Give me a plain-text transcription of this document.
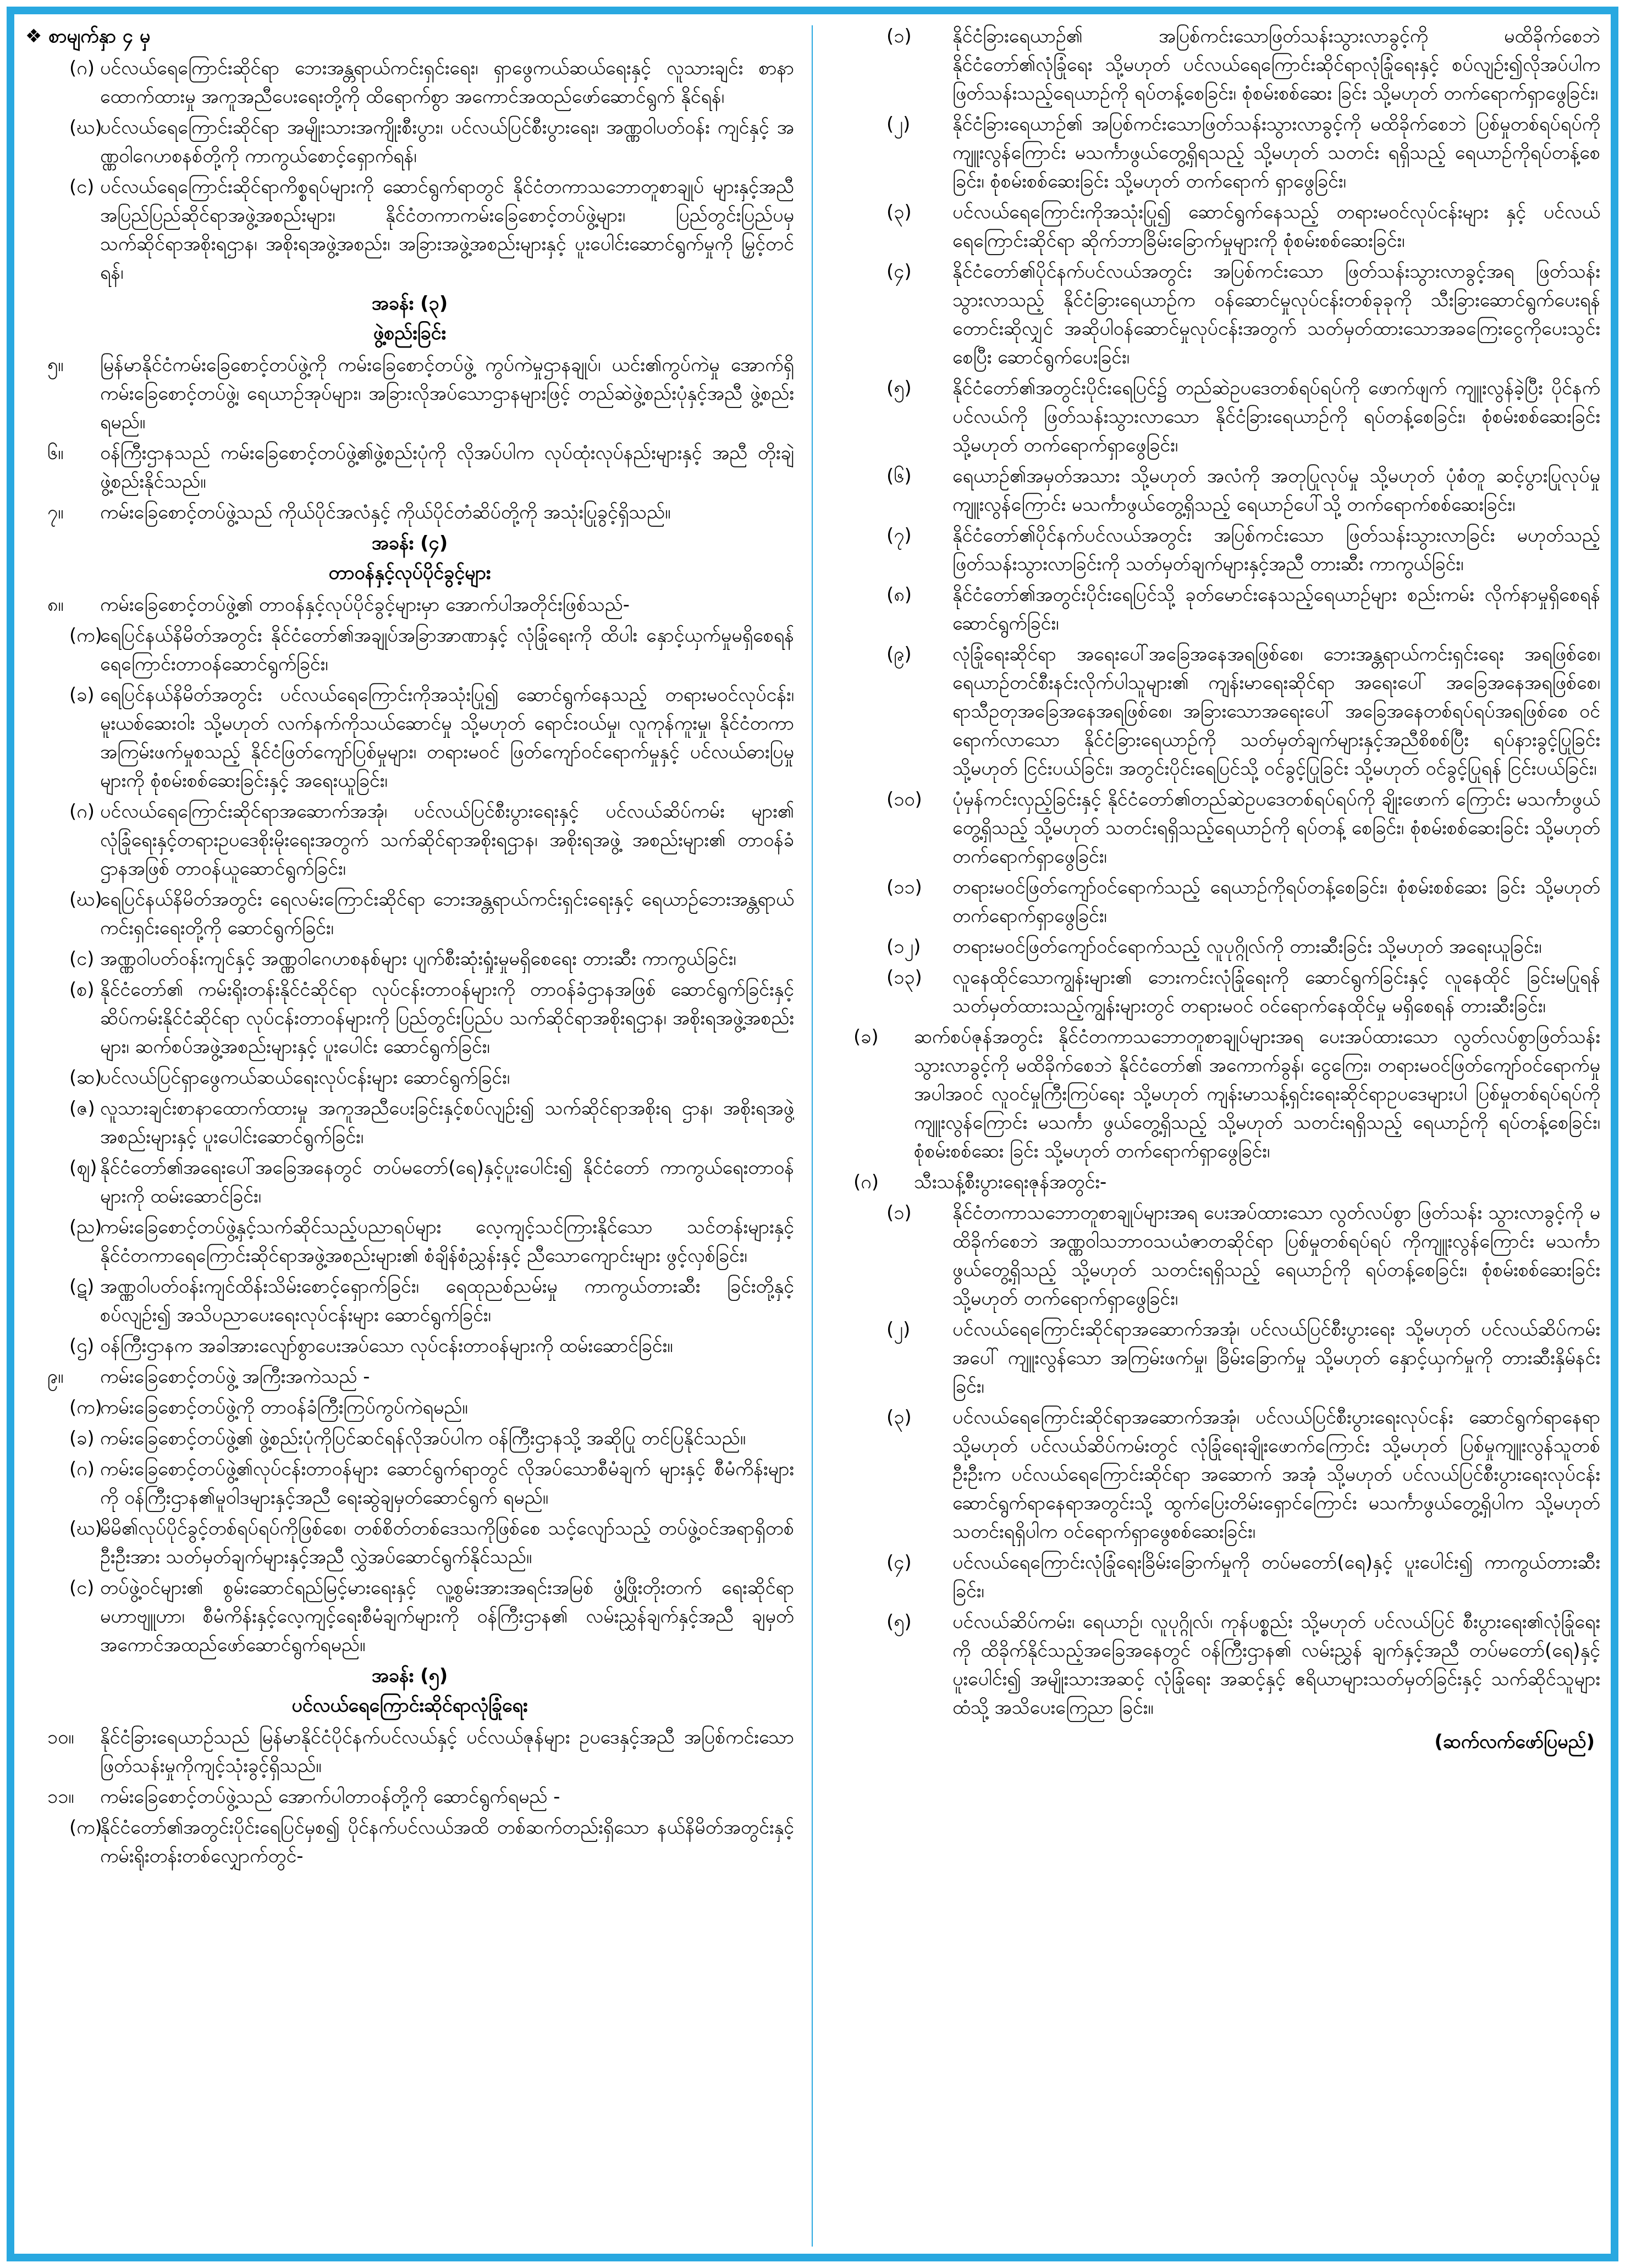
❖ စာမျက်နှာ ၄ မှ
(ဂ) ပင်လယ်ရေကြောင်းဆိုင်ရာ ဘေးအန္တရာယ်ကင်းရှင်းရေး၊ ရှာဖွေကယ်ဆယ်ရေးနှင့် လူသားချင်း စာနာထောက်ထားမှု အကူအညီပေးရေးတို့ကို ထိရောက်စွာ အကောင်အထည်ဖော်ဆောင်ရွက် နိုင်ရန်၊
(ဃ)
ပင်လယ်ရေကြောင်းဆိုင်ရာ အမျိုးသားအကျိုးစီးပွား၊ ပင်လယ်ပြင်စီးပွားရေး၊ အဏ္ဏဝါပတ်ဝန်း ကျင်နှင့် အဏ္ဏဝါဂေဟစနစ်တို့ကို ကာကွယ်စောင့်ရှောက်ရန်၊
(င) ပင်လယ်ရေကြောင်းဆိုင်ရာကိစ္စရပ်များကို ဆောင်ရွက်ရာတွင် နိုင်ငံတကာသဘောတူစာချုပ် များနှင့်အညီ အပြည်ပြည်ဆိုင်ရာအဖွဲ့အစည်းများ၊ နိုင်ငံတကာကမ်းခြေစောင့်တပ်ဖွဲ့များ၊ ပြည်တွင်းပြည်ပမှ သက်ဆိုင်ရာအစိုးရဌာန၊ အစိုးရအဖွဲ့အစည်း၊ အခြားအဖွဲ့အစည်းများနှင့် ပူးပေါင်းဆောင်ရွက်မှုကို မြှင့်တင်ရန်၊
အခန်း (၃)
ဖွဲ့စည်းခြင်း
၅။	မြန်မာနိုင်ငံကမ်းခြေစောင့်တပ်ဖွဲ့ကို ကမ်းခြေစောင့်တပ်ဖွဲ့ ကွပ်ကဲမှုဌာနချုပ်၊ ယင်း၏ကွပ်ကဲမှု အောက်ရှိ ကမ်းခြေစောင့်တပ်ဖွဲ့၊ ရေယာဉ်အုပ်များ၊ အခြားလိုအပ်သောဌာနများဖြင့် တည်ဆဲဖွဲ့စည်းပုံနှင့်အညီ ဖွဲ့စည်းရမည်။
၆။	ဝန်ကြီးဌာနသည် ကမ်းခြေစောင့်တပ်ဖွဲ့၏ဖွဲ့စည်းပုံကို လိုအပ်ပါက လုပ်ထုံးလုပ်နည်းများနှင့် အညီ တိုးချဲ့ဖွဲ့စည်းနိုင်သည်။
၇။	ကမ်းခြေစောင့်တပ်ဖွဲ့သည် ကိုယ်ပိုင်အလံနှင့် ကိုယ်ပိုင်တံဆိပ်တို့ကို အသုံးပြုခွင့်ရှိသည်။
အခန်း (၄)
တာဝန်နှင့်လုပ်ပိုင်ခွင့်များ
၈။	ကမ်းခြေစောင့်တပ်ဖွဲ့၏ တာဝန်နှင့်လုပ်ပိုင်ခွင့်များမှာ အောက်ပါအတိုင်းဖြစ်သည်-
(က)
ရေပြင်နယ်နိမိတ်အတွင်း နိုင်ငံတော်၏အချုပ်အခြာအာဏာနှင့် လုံခြုံရေးကို ထိပါး နှောင့်ယှက်မှုမရှိစေရန် ရေကြောင်းတာဝန်ဆောင်ရွက်ခြင်း၊
(ခ) ရေပြင်နယ်နိမိတ်အတွင်း ပင်လယ်ရေကြောင်းကိုအသုံးပြု၍ ဆောင်ရွက်နေသည့် တရားမဝင်လုပ်ငန်း၊ မူးယစ်ဆေးဝါး သို့မဟုတ် လက်နက်ကိုသယ်ဆောင်မှု သို့မဟုတ် ရောင်းဝယ်မှု၊ လူကုန်ကူးမှု၊ နိုင်ငံတကာအကြမ်းဖက်မှုစသည့် နိုင်ငံဖြတ်ကျော်ပြစ်မှုများ၊ တရားမဝင် ဖြတ်ကျော်ဝင်ရောက်မှုနှင့် ပင်လယ်ဓားပြမှုများကို စုံစမ်းစစ်ဆေးခြင်းနှင့် အရေးယူခြင်း၊
(ဂ) ပင်လယ်ရေကြောင်းဆိုင်ရာအဆောက်အအုံ၊ ပင်လယ်ပြင်စီးပွားရေးနှင့် ပင်လယ်ဆိပ်ကမ်း များ၏ လုံခြုံရေးနှင့်တရားဥပဒေစိုးမိုးရေးအတွက် သက်ဆိုင်ရာအစိုးရဌာန၊ အစိုးရအဖွဲ့ အစည်းများ၏ တာဝန်ခံဌာနအဖြစ် တာဝန်ယူဆောင်ရွက်ခြင်း၊
(ဃ)
ရေပြင်နယ်နိမိတ်အတွင်း ရေလမ်းကြောင်းဆိုင်ရာ ဘေးအန္တရာယ်ကင်းရှင်းရေးနှင့် ရေယာဉ်ဘေးအန္တရာယ်ကင်းရှင်းရေးတို့ကို ဆောင်ရွက်ခြင်း၊
(င) အဏ္ဏဝါပတ်ဝန်းကျင်နှင့် အဏ္ဏဝါဂေဟစနစ်များ ပျက်စီးဆုံးရှုံးမှုမရှိစေရေး တားဆီး ကာကွယ်ခြင်း၊
(စ) နိုင်ငံတော်၏ ကမ်းရိုးတန်းနိုင်ငံဆိုင်ရာ လုပ်ငန်းတာဝန်များကို တာဝန်ခံဌာနအဖြစ် ဆောင်ရွက်ခြင်းနှင့် ဆိပ်ကမ်းနိုင်ငံဆိုင်ရာ လုပ်ငန်းတာဝန်များကို ပြည်တွင်းပြည်ပ သက်ဆိုင်ရာအစိုးရဌာန၊ အစိုးရအဖွဲ့အစည်းများ၊ ဆက်စပ်အဖွဲ့အစည်းများနှင့် ပူးပေါင်း ဆောင်ရွက်ခြင်း၊
(ဆ)
ပင်လယ်ပြင်ရှာဖွေကယ်ဆယ်ရေးလုပ်ငန်းများ ဆောင်ရွက်ခြင်း၊
(ဇ) လူသားချင်းစာနာထောက်ထားမှု အကူအညီပေးခြင်းနှင့်စပ်လျဉ်း၍ သက်ဆိုင်ရာအစိုးရ ဌာန၊ အစိုးရအဖွဲ့အစည်းများနှင့် ပူးပေါင်းဆောင်ရွက်ခြင်း၊
(ဈ) နိုင်ငံတော်၏အရေးပေါ်အခြေအနေတွင် တပ်မတော်(ရေ)နှင့်ပူးပေါင်း၍ နိုင်ငံတော် ကာကွယ်ရေးတာဝန်များကို ထမ်းဆောင်ခြင်း၊
(ည)
ကမ်းခြေစောင့်တပ်ဖွဲ့နှင့်သက်ဆိုင်သည့်ပညာရပ်များ လေ့ကျင့်သင်ကြားနိုင်သော သင်တန်းများနှင့် နိုင်ငံတကာရေကြောင်းဆိုင်ရာအဖွဲ့အစည်းများ၏ စံချိန်စံညွှန်းနှင့် ညီသောကျောင်းများ ဖွင့်လှစ်ခြင်း၊
(ဋ) အဏ္ဏဝါပတ်ဝန်းကျင်ထိန်းသိမ်းစောင့်ရှောက်ခြင်း၊ ရေထုညစ်ညမ်းမှု ကာကွယ်တားဆီး ခြင်းတို့နှင့်စပ်လျဉ်း၍ အသိပညာပေးရေးလုပ်ငန်းများ ဆောင်ရွက်ခြင်း၊
(ဌ) ဝန်ကြီးဌာနက အခါအားလျော်စွာပေးအပ်သော လုပ်ငန်းတာဝန်များကို ထမ်းဆောင်ခြင်း။
၉။	ကမ်းခြေစောင့်တပ်ဖွဲ့ အကြီးအကဲသည် -
(က)
ကမ်းခြေစောင့်တပ်ဖွဲ့ကို တာဝန်ခံကြီးကြပ်ကွပ်ကဲရမည်။
(ခ) ကမ်းခြေစောင့်တပ်ဖွဲ့၏ ဖွဲ့စည်းပုံကိုပြင်ဆင်ရန်လိုအပ်ပါက ဝန်ကြီးဌာနသို့ အဆိုပြု တင်ပြနိုင်သည်။
(ဂ) ကမ်းခြေစောင့်တပ်ဖွဲ့၏လုပ်ငန်းတာဝန်များ ဆောင်ရွက်ရာတွင် လိုအပ်သောစီမံချက် များနှင့် စီမံကိန်းများကို ဝန်ကြီးဌာန၏မူဝါဒများနှင့်အညီ ရေးဆွဲချမှတ်ဆောင်ရွက် ရမည်။
(ဃ)
မိမိ၏လုပ်ပိုင်ခွင့်တစ်ရပ်ရပ်ကိုဖြစ်စေ၊ တစ်စိတ်တစ်ဒေသကိုဖြစ်စေ သင့်လျော်သည့် တပ်ဖွဲ့ဝင်အရာရှိတစ်ဦးဦးအား သတ်မှတ်ချက်များနှင့်အညီ လွှဲအပ်ဆောင်ရွက်နိုင်သည်။
(င) တပ်ဖွဲ့ဝင်များ၏ စွမ်းဆောင်ရည်မြင့်မားရေးနှင့် လူ့စွမ်းအားအရင်းအမြစ် ဖွံ့ဖြိုးတိုးတက် ရေးဆိုင်ရာ မဟာဗျူဟာ၊ စီမံကိန်းနှင့်လေ့ကျင့်ရေးစီမံချက်များကို ဝန်ကြီးဌာန၏ လမ်းညွှန်ချက်နှင့်အညီ ချမှတ်အကောင်အထည်ဖော်ဆောင်ရွက်ရမည်။
အခန်း (၅)
ပင်လယ်ရေကြောင်းဆိုင်ရာလုံခြုံရေး
၁၀။	နိုင်ငံခြားရေယာဉ်သည် မြန်မာနိုင်ငံပိုင်နက်ပင်လယ်နှင့် ပင်လယ်ဇုန်များ ဥပဒေနှင့်အညီ အပြစ်ကင်းသော ဖြတ်သန်းမှုကိုကျင့်သုံးခွင့်ရှိသည်။
၁၁။	ကမ်းခြေစောင့်တပ်ဖွဲ့သည် အောက်ပါတာဝန်တို့ကို ဆောင်ရွက်ရမည် -
(က)
နိုင်ငံတော်၏အတွင်းပိုင်းရေပြင်မှစ၍ ပိုင်နက်ပင်လယ်အထိ တစ်ဆက်တည်းရှိသော နယ်နိမိတ်အတွင်းနှင့် ကမ်းရိုးတန်းတစ်လျှောက်တွင်-
(၁)	နိုင်ငံခြားရေယာဉ်၏ အပြစ်ကင်းသောဖြတ်သန်းသွားလာခွင့်ကို မထိခိုက်စေဘဲ နိုင်ငံတော်၏လုံခြုံရေး သို့မဟုတ် ပင်လယ်ရေကြောင်းဆိုင်ရာလုံခြုံရေးနှင့် စပ်လျဉ်း၍လိုအပ်ပါက ဖြတ်သန်းသည့်ရေယာဉ်ကို ရပ်တန့်စေခြင်း၊ စုံစမ်းစစ်ဆေး ခြင်း သို့မဟုတ် တက်ရောက်ရှာဖွေခြင်း၊
(၂)	နိုင်ငံခြားရေယာဉ်၏ အပြစ်ကင်းသောဖြတ်သန်းသွားလာခွင့်ကို မထိခိုက်စေဘဲ ပြစ်မှုတစ်ရပ်ရပ်ကို ကျူးလွန်ကြောင်း မသင်္ကာဖွယ်တွေ့ရှိရသည့် သို့မဟုတ် သတင်း ရရှိသည့် ရေယာဉ်ကိုရပ်တန့်စေခြင်း၊ စုံစမ်းစစ်ဆေးခြင်း သို့မဟုတ် တက်ရောက် ရှာဖွေခြင်း၊
(၃)	ပင်လယ်ရေကြောင်းကိုအသုံးပြု၍ ဆောင်ရွက်နေသည့် တရားမဝင်လုပ်ငန်းများ နှင့် ပင်လယ်ရေကြောင်းဆိုင်ရာ ဆိုက်ဘာခြိမ်းခြောက်မှုများကို စုံစမ်းစစ်ဆေးခြင်း၊
(၄)	နိုင်ငံတော်၏ပိုင်နက်ပင်လယ်အတွင်း အပြစ်ကင်းသော ဖြတ်သန်းသွားလာခွင့်အရ ဖြတ်သန်းသွားလာသည့် နိုင်ငံခြားရေယာဉ်က ဝန်ဆောင်မှုလုပ်ငန်းတစ်ခုခုကို သီးခြားဆောင်ရွက်ပေးရန်တောင်းဆိုလျှင် အဆိုပါဝန်ဆောင်မှုလုပ်ငန်းအတွက် သတ်မှတ်ထားသောအခကြေးငွေကိုပေးသွင်းစေပြီး ဆောင်ရွက်ပေးခြင်း၊
(၅)	နိုင်ငံတော်၏အတွင်းပိုင်းရေပြင်၌ တည်ဆဲဥပဒေတစ်ရပ်ရပ်ကို ဖောက်ဖျက် ကျူးလွန်ခဲ့ပြီး ပိုင်နက်ပင်လယ်ကို ဖြတ်သန်းသွားလာသော နိုင်ငံခြားရေယာဉ်ကို ရပ်တန့်စေခြင်း၊ စုံစမ်းစစ်ဆေးခြင်း သို့မဟုတ် တက်ရောက်ရှာဖွေခြင်း၊
(၆)	ရေယာဉ်၏အမှတ်အသား သို့မဟုတ် အလံကို အတုပြုလုပ်မှု သို့မဟုတ် ပုံစံတူ ဆင့်ပွားပြုလုပ်မှုကျူးလွန်ကြောင်း မသင်္ကာဖွယ်တွေ့ရှိသည့် ရေယာဉ်ပေါ်သို့ တက်ရောက်စစ်ဆေးခြင်း၊
(၇)	နိုင်ငံတော်၏ပိုင်နက်ပင်လယ်အတွင်း အပြစ်ကင်းသော ဖြတ်သန်းသွားလာခြင်း မဟုတ်သည့် ဖြတ်သန်းသွားလာခြင်းကို သတ်မှတ်ချက်များနှင့်အညီ တားဆီး ကာကွယ်ခြင်း၊
(၈)	နိုင်ငံတော်၏အတွင်းပိုင်းရေပြင်သို့ ခုတ်မောင်းနေသည့်ရေယာဉ်များ စည်းကမ်း လိုက်နာမှုရှိစေရန် ဆောင်ရွက်ခြင်း၊
(၉)	လုံခြုံရေးဆိုင်ရာ အရေးပေါ်အခြေအနေအရဖြစ်စေ၊ ဘေးအန္တရာယ်ကင်းရှင်းရေး အရဖြစ်စေ၊ ရေယာဉ်တင်စီးနင်းလိုက်ပါသူများ၏ ကျန်းမာရေးဆိုင်ရာ အရေးပေါ် အခြေအနေအရဖြစ်စေ၊ ရာသီဥတုအခြေအနေအရဖြစ်စေ၊ အခြားသောအရေးပေါ် အခြေအနေတစ်ရပ်ရပ်အရဖြစ်စေ ဝင်ရောက်လာသော နိုင်ငံခြားရေယာဉ်ကို သတ်မှတ်ချက်များနှင့်အညီစိစစ်ပြီး ရပ်နားခွင့်ပြုခြင်း သို့မဟုတ် ငြင်းပယ်ခြင်း၊ အတွင်းပိုင်းရေပြင်သို့ ဝင်ခွင့်ပြုခြင်း သို့မဟုတ် ဝင်ခွင့်ပြုရန် ငြင်းပယ်ခြင်း၊
(၁၀)	ပုံမှန်ကင်းလှည့်ခြင်းနှင့် နိုင်ငံတော်၏တည်ဆဲဥပဒေတစ်ရပ်ရပ်ကို ချိုးဖောက် ကြောင်း မသင်္ကာဖွယ်တွေ့ရှိသည့် သို့မဟုတ် သတင်းရရှိသည့်ရေယာဉ်ကို ရပ်တန့် စေခြင်း၊ စုံစမ်းစစ်ဆေးခြင်း သို့မဟုတ် တက်ရောက်ရှာဖွေခြင်း၊
(၁၁)	တရားမဝင်ဖြတ်ကျော်ဝင်ရောက်သည့် ရေယာဉ်ကိုရပ်တန့်စေခြင်း၊ စုံစမ်းစစ်ဆေး ခြင်း သို့မဟုတ် တက်ရောက်ရှာဖွေခြင်း၊
(၁၂)	တရားမဝင်ဖြတ်ကျော်ဝင်ရောက်သည့် လူပုဂ္ဂိုလ်ကို တားဆီးခြင်း သို့မဟုတ် အရေးယူခြင်း၊
(၁၃)	လူနေထိုင်သောကျွန်းများ၏ ဘေးကင်းလုံခြုံရေးကို ဆောင်ရွက်ခြင်းနှင့် လူနေထိုင် ခြင်းမပြုရန် သတ်မှတ်ထားသည့်ကျွန်းများတွင် တရားမဝင် ဝင်ရောက်နေထိုင်မှု မရှိစေရန် တားဆီးခြင်း၊
(ခ)	ဆက်စပ်ဇုန်အတွင်း နိုင်ငံတကာသဘောတူစာချုပ်များအရ ပေးအပ်ထားသော လွတ်လပ်စွာဖြတ်သန်းသွားလာခွင့်ကို မထိခိုက်စေဘဲ နိုင်ငံတော်၏ အကောက်ခွန်၊ ငွေကြေး၊ တရားမဝင်ဖြတ်ကျော်ဝင်ရောက်မှုအပါအဝင် လူဝင်မှုကြီးကြပ်ရေး သို့မဟုတ် ကျန်းမာသန့်ရှင်းရေးဆိုင်ရာဥပဒေများပါ ပြစ်မှုတစ်ရပ်ရပ်ကို ကျူးလွန်ကြောင်း မသင်္ကာ ဖွယ်တွေ့ရှိသည့် သို့မဟုတ် သတင်းရရှိသည့် ရေယာဉ်ကို ရပ်တန့်စေခြင်း၊ စုံစမ်းစစ်ဆေး ခြင်း သို့မဟုတ် တက်ရောက်ရှာဖွေခြင်း၊
(ဂ)	သီးသန့်စီးပွားရေးဇုန်အတွင်း-
(၁)	နိုင်ငံတကာသဘောတူစာချုပ်များအရ ပေးအပ်ထားသော လွတ်လပ်စွာ ဖြတ်သန်း သွားလာခွင့်ကို မထိခိုက်စေဘဲ အဏ္ဏဝါသဘာဝသယံဇာတဆိုင်ရာ ပြစ်မှုတစ်ရပ်ရပ် ကိုကျူးလွန်ကြောင်း မသင်္ကာဖွယ်တွေ့ရှိသည့် သို့မဟုတ် သတင်းရရှိသည့် ရေယာဉ်ကို ရပ်တန့်စေခြင်း၊ စုံစမ်းစစ်ဆေးခြင်း သို့မဟုတ် တက်ရောက်ရှာဖွေခြင်း၊
(၂)	ပင်လယ်ရေကြောင်းဆိုင်ရာအဆောက်အအုံ၊ ပင်လယ်ပြင်စီးပွားရေး သို့မဟုတ် ပင်လယ်ဆိပ်ကမ်းအပေါ် ကျူးလွန်သော အကြမ်းဖက်မှု၊ ခြိမ်းခြောက်မှု သို့မဟုတ် နှောင့်ယှက်မှုကို တားဆီးနှိမ်နင်းခြင်း၊
(၃)	ပင်လယ်ရေကြောင်းဆိုင်ရာအဆောက်အအုံ၊ ပင်လယ်ပြင်စီးပွားရေးလုပ်ငန်း ဆောင်ရွက်ရာနေရာ သို့မဟုတ် ပင်လယ်ဆိပ်ကမ်းတွင် လုံခြုံရေးချိုးဖောက်ကြောင်း သို့မဟုတ် ပြစ်မှုကျူးလွန်သူတစ်ဦးဦးက ပင်လယ်ရေကြောင်းဆိုင်ရာ အဆောက် အအုံ သို့မဟုတ် ပင်လယ်ပြင်စီးပွားရေးလုပ်ငန်း ဆောင်ရွက်ရာနေရာအတွင်းသို့ ထွက်ပြေးတိမ်းရှောင်ကြောင်း မသင်္ကာဖွယ်တွေ့ရှိပါက သို့မဟုတ် သတင်းရရှိပါက ဝင်ရောက်ရှာဖွေစစ်ဆေးခြင်း၊
(၄)	ပင်လယ်ရေကြောင်းလုံခြုံရေးခြိမ်းခြောက်မှုကို တပ်မတော်(ရေ)နှင့် ပူးပေါင်း၍ ကာကွယ်တားဆီးခြင်း၊
(၅)	ပင်လယ်ဆိပ်ကမ်း၊ ရေယာဉ်၊ လူပုဂ္ဂိုလ်၊ ကုန်ပစ္စည်း သို့မဟုတ် ပင်လယ်ပြင် စီးပွားရေး၏လုံခြုံရေးကို ထိခိုက်နိုင်သည့်အခြေအနေတွင် ဝန်ကြီးဌာန၏ လမ်းညွှန် ချက်နှင့်အညီ တပ်မတော်(ရေ)နှင့်ပူးပေါင်း၍ အမျိုးသားအဆင့် လုံခြုံရေး အဆင့်နှင့် ဧရိယာများသတ်မှတ်ခြင်းနှင့် သက်ဆိုင်သူများထံသို့ အသိပေးကြေညာ ခြင်း။
(ဆက်လက်ဖော်ပြမည်)
